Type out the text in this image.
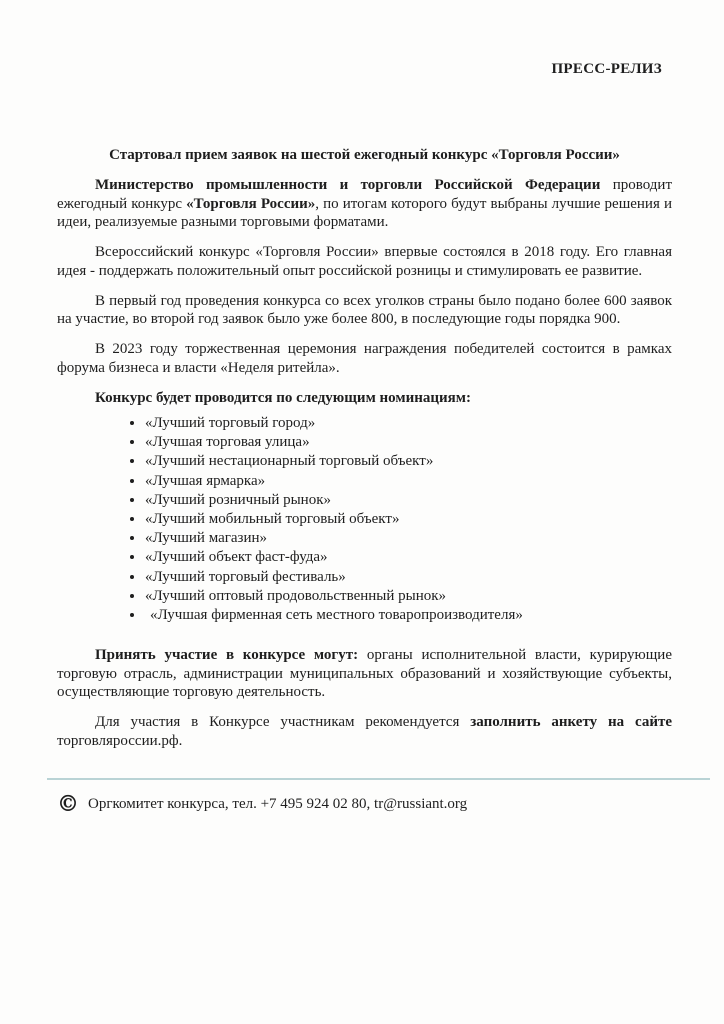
ПРЕСС-РЕЛИЗ
Стартовал прием заявок на шестой ежегодный конкурс «Торговля России»

Министерство промышленности и торговли Российской Федерации проводит ежегодный конкурс «Торговля России», по итогам которого будут выбраны лучшие решения и идеи, реализуемые разными торговыми форматами.

Всероссийский конкурс «Торговля России» впервые состоялся в 2018 году. Его главная идея - поддержать положительный опыт российской розницы и стимулировать ее развитие.

В первый год проведения конкурса со всех уголков страны было подано более 600 заявок на участие, во второй год заявок было уже более 800, в последующие годы порядка 900.

В 2023 году торжественная церемония награждения победителей состоится в рамках форума бизнеса и власти «Неделя ритейла».

Конкурс будет проводится по следующим номинациям:

• «Лучший торговый город»
• «Лучшая торговая улица»
• «Лучший нестационарный торговый объект»
• «Лучшая ярмарка»
• «Лучший розничный рынок»
• «Лучший мобильный торговый объект»
• «Лучший магазин»
• «Лучший объект фаст-фуда»
• «Лучший торговый фестиваль»
• «Лучший оптовый продовольственный рынок»
• «Лучшая фирменная сеть местного товаропроизводителя»

Принять участие в конкурсе могут: органы исполнительной власти, курирующие торговую отрасль, администрации муниципальных образований и хозяйствующие субъекты, осуществляющие торговую деятельность.

Для участия в Конкурсе участникам рекомендуется заполнить анкету на сайте торговляроссии.рф.

© Оргкомитет конкурса, тел. +7 495 924 02 80, tr@russiant.org
